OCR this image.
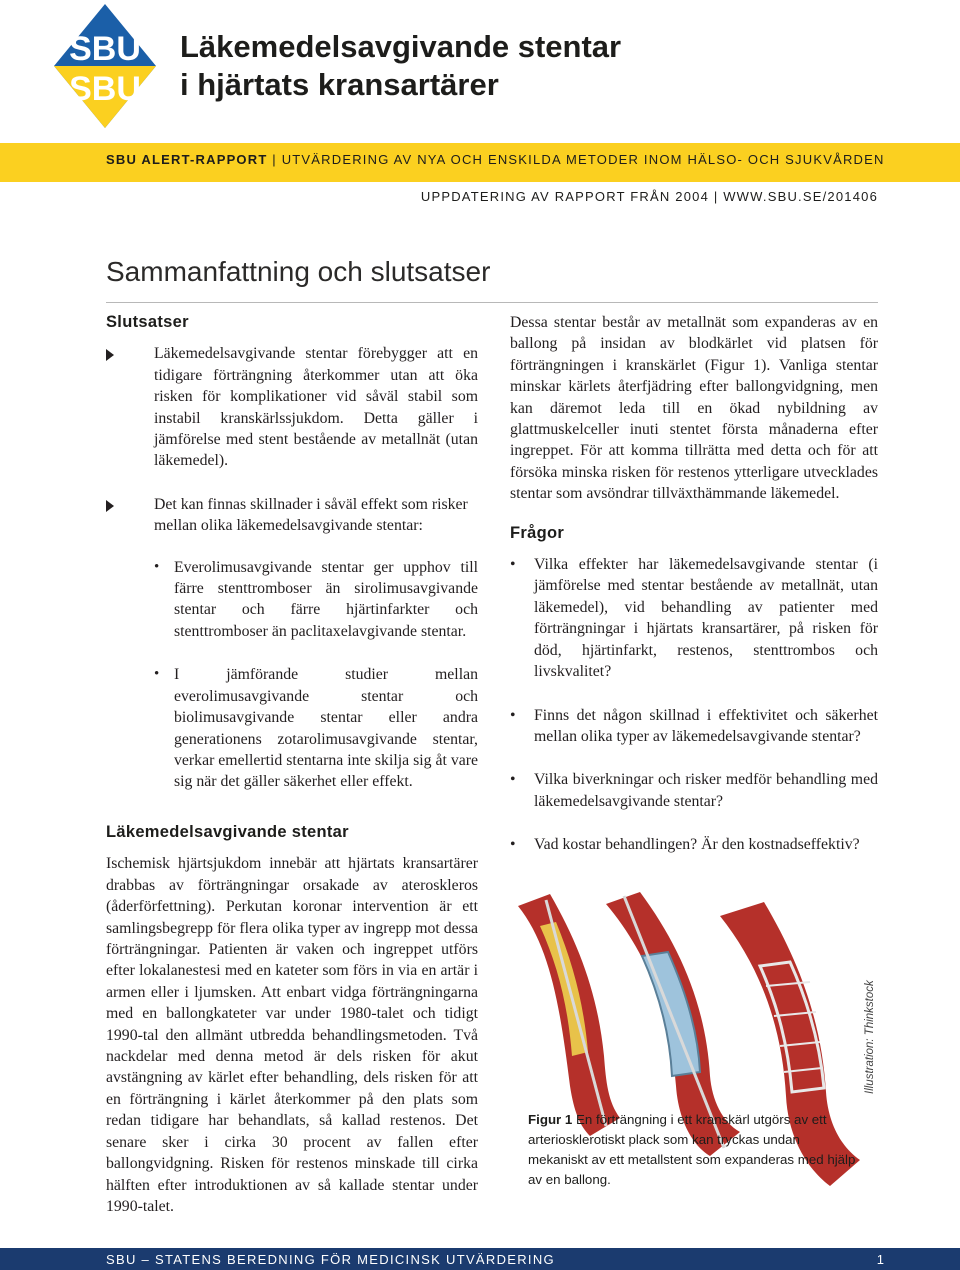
SBU
SBU
Läkemedelsavgivande stentar
i hjärtats kransartärer
SBU ALERT-RAPPORT | UTVÄRDERING AV NYA OCH ENSKILDA METODER INOM HÄLSO- OCH SJUKVÅRDEN
UPPDATERING AV RAPPORT FRÅN 2004 | WWW.SBU.SE/201406
Sammanfattning och slutsatser
Slutsatser
Läkemedelsavgivande stentar förebygger att en tidigare förträngning återkommer utan att öka risken för komplikationer vid såväl stabil som instabil kranskärlssjukdom. Detta gäller i jämförelse med stent bestående av metallnät (utan läkemedel).
Det kan finnas skillnader i såväl effekt som risker mellan olika läkemedelsavgivande stentar:
• Everolimusavgivande stentar ger upphov till färre stenttromboser än sirolimusavgivande stentar och färre hjärtinfarkter och stenttromboser än paclitaxelavgivande stentar.
• I jämförande studier mellan everolimusavgivande stentar och biolimusavgivande stentar eller andra generationens zotarolimusavgivande stentar, verkar emellertid stentarna inte skilja sig åt vare sig när det gäller säkerhet eller effekt.
Läkemedelsavgivande stentar

Ischemisk hjärtsjukdom innebär att hjärtats kransartärer drabbas av förträngningar orsakade av ateroskleros (åderförfettning). Perkutan koronar intervention är ett samlingsbegrepp för flera olika typer av ingrepp mot dessa förträngningar. Patienten är vaken och ingreppet utförs efter lokalanestesi med en kateter som förs in via en artär i armen eller i ljumsken. Att enbart vidga förträngningarna med en ballongkateter var under 1980-talet och tidigt 1990-tal den allmänt utbredda behandlingsmetoden. Två nackdelar med denna metod är dels risken för akut avstängning av kärlet efter behandling, dels risken för att en förträngning i kärlet återkommer på den plats som redan tidigare har behandlats, så kallad restenos. Det senare sker i cirka 30 procent av fallen efter ballongvidgning. Risken för restenos minskade till cirka hälften efter introduktionen av så kallade stentar under 1990-talet.

Dessa stentar består av metallnät som expanderas av en ballong på insidan av blodkärlet vid platsen för förträngningen i kranskärlet (Figur 1). Vanliga stentar minskar kärlets återfjädring efter ballongvidgning, men kan däremot leda till en ökad nybildning av glattmuskelceller inuti stentet första månaderna efter ingreppet. För att komma tillrätta med detta och för att försöka minska risken för restenos ytterligare utvecklades stentar som avsöndrar tillväxthämmande läkemedel.

Frågor
• Vilka effekter har läkemedelsavgivande stentar (i jämförelse med stentar bestående av metallnät, utan läkemedel), vid behandling av patienter med förträngningar i hjärtats kransartärer, på risken för död, hjärtinfarkt, restenos, stenttrombos och livskvalitet?
• Finns det någon skillnad i effektivitet och säkerhet mellan olika typer av läkemedelsavgivande stentar?
• Vilka biverkningar och risker medför behandling med läkemedelsavgivande stentar?
• Vad kostar behandlingen? Är den kostnadseffektiv?
Illustration: Thinkstock
Figur 1 En förträngning i ett kranskärl utgörs av ett arteriosklerotiskt plack som kan tryckas undan mekaniskt av ett metallstent som expanderas med hjälp av en ballong.
SBU – STATENS BEREDNING FÖR MEDICINSK UTVÄRDERING	1
